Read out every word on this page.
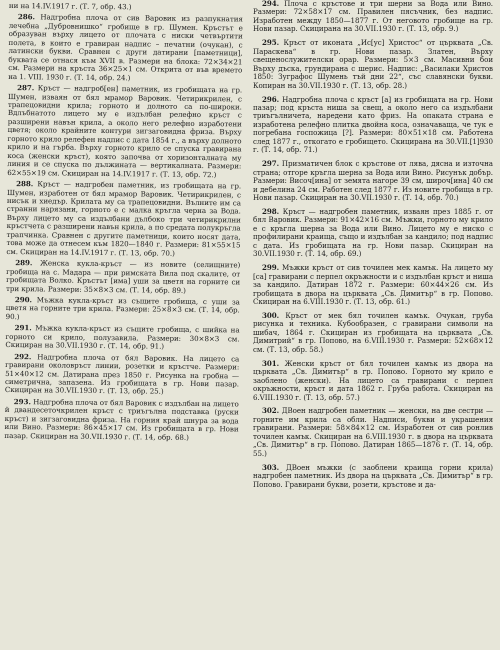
ни на 14.IV.1917 г. (Т. 7, обр. 43.)

286. Надгробна плоча от сив Варовик из разпукнатия лечебна „Дубровнишко“ гробище в гр. Шумен. Кръстът е образуван върху лицето от плочата с ниски четвъртити полета, в които е гравиран надпис – печатни (очукан), с латински букви. Сравнен с други датирани [паметници], буквата се отнася към XVII в. Размери на блока: 72×34×21 см. Размери на кръста 36×25×1 см. Открита от във времето на 1. VIII. 1930 г. (Т. 14, обр. 24.)

287. Кръст — надгроб[ен] паметник, из гробищата на гр. Шумен, изваян от бял мрамор Варовик. Четирикрилен, с трапецовидни крила; горното и долното са по-широки. Вдлъбнатото лицето му е издълбан релефно кръст с разширени навън крила, а около него релефно изработени цветя; около крайните контури зигзаговидна фриза. Върху горното крило релефен надпис с дата 1854 г., а върху долното крило и на гърба. Върху горното крило се спуска гравирана коса (женски кръст), която започва от хоризонталната му линия и се спуска по дължината — вертикалната. Размери: 62×55×19 см. Скициран на 14.IV.1917 г. (Т. 13, обр. 72.)

288. Кръст — надгробен паметник, из гробищата на гр. Шумен, изработен от бял мрамор Варовик. Четирикрилен, с нисък и хиедър. Крилата му са трапецовидни. Вълните им са странни нарязани, горното е с малка кръгла черна за Вода. Върху лицето му са издълбани дълбоко три четирикрилни кръстчета с разширени навън крила, а по средата полукръгла трапчинка. Сравнен с другите паметници, които носят дата, това може да отнесем към 1820—1840 г. Размери: 81×55×15 см. Скициран на 14.IV.1917 г. (Т. 13, обр. 70.)

289. Женска кукла-кръст — из новите (селищните) гробища на с. Мадара — при римската Вила под скалите, от гробищата Волко. Кръстът [има] уши за цветя на горните си три крила. Размери: 35×8×3 см. (Т. 14, обр. 89.)

290. Мъжка кукла-кръст из същите гробища, с уши за цветя на горните три крила. Размери: 25×8×3 см. (Т. 14, обр. 90.)

291. Мъжка кукла-кръст из същите гробища, с шийка на горното си крило, полузавила. Размери: 30×8×3 см. Скициран на 30.VII.1930 г. (Т. 14, обр. 91.)

292. Надгробна плоча от бял Варовик. На лицето са гравирани околовръст линии, розетки и кръстче. Размери: 51×40×12 см. Датирана през 1850 г. Рисунка на гробна — симетрична, запазена. Из гробищата в гр. Нови пазар. Скициран на 30.VII.1930 г. (Т. 13, обр. 25.)

293. Надгробна плоча от бял Варовик с издълбан на лицето й двандесеточкрилен кръст с триъгълна подставка (руски кръст) и зигзаговидна фриза. На горния край шнура за вода или Вино. Размери: 86×45×17 см. Из гробищата в гр. Нови пазар. Скициран на 30.VII.1930 г. (Т. 14, обр. 68.)

294. Плоча с кръстове и три шерни за Вода или Вино. Размери: 72×58×17 см. Правилен пясъчник, без надпис. Изработен между 1850—1877 г. От неговото гробище на гр. Нови пазар. Скицирана на 30.VII.1930 г. (Т. 13, обр. 9.)

295. Кръст от иконата „Ис[ус] Христос“ от църквата „Св. Параскева“ в гр. Нови пазар. Златен, Върху свещенослужителски орар. Размери: 5×3 см. Масивни бои Върху дъска, грундирана с шерис. Надпис: „Василаки Христов 1850: Зуграфос Шумень тъй дни 22“, със славянски букви. Копиран на 30.VII.1930 г. (Т. 13, обр. 28.)

296. Надгробна плоча с кръст [а] из гробищата на гр. Нови пазар; под кръста ниша за свещ, а около него са издълбани триъгълничета, наредени като фриз. На опаката страна е изработена релефно плитка двойна коса, означаваща, че тук е погребана госпожица [?]. Размери: 80×51×18 см. Работена след 1877 г., откогато е гробището. Скицирана на 30.VII.[1]930 г. (Т. 14, обр. 71.)

297. Призматичен блок с кръстове от лява, дясна и източна страна; отгоре кръгла шерна за Вода или Вино. Рисунък добър. Размери: Височ[ина] от земята нагоре 39 см, широч[ина] 40 см и дебелина 24 см. Работен след 1877 г. Из новите гробища в гр. Нови пазар. Скициран на 30.VII.1930 г. (Т. 14, обр. 70.)

298. Кръст — надгробен паметник, изваян през 1885 г. от бял Варовик. Размери: 91×42×16 см. Мъжки, горното му крило е с кръгла шерна за Вода или Вино. Лицето му е ниско с профилирани краища, също и издълбан за кандило; под надпис с дата. Из гробищата на гр. Нови пазар. Скициран на 30.VII.1930 г. (Т. 14, обр. 69.)

299. Мъжки кръст от сив точилен мек камък. На лицето му [са] гравирани с перпел окръжности и с издълбан кръст и ниша за кандило. Датиран 1872 г. Размери: 60×44×26 см. Из гробищата в двора на църквата „Св. Димитър“ в гр. Попово. Скициран на 6.VIII.1930 г. (Т. 13, обр. 61.)

300. Кръст от мек бял точилен камък. Очукан, груба рисунка и техника. Кубообразен, с гравирани символи на шибач, 1864 г. Скициран из гробищата на църквата „Св. Димитрий“ в гр. Попово, на 6.VIII.1930 г. Размери: 52×68×12 см. (Т. 13, обр. 58.)

301. Женски кръст от бял точилен камък из двора на църквата „Св. Димитър“ в гр. Попово. Горното му крило е заоблено (женски). На лицето са гравирани с перпел окръжности, кръст и дата 1862 г. Груба работа. Скициран на 6.VIII.1930 г. (Т. 13, обр. 57.)

302. ДВоен надгробен паметник — женски, на две сестри — горните им крила са обли. Надписи, букви и украшения гравирани. Размери: 58×84×12 см. Изработен от сив ронлив точилен камък. Скициран на 6.VIII.1930 г. в двора на църквата „Св. Димитър“ в гр. Попово. Датиран 1865—1876 г. (Т. 14, обр. 55.)

303. ДВоен мъжки (с заоблени краища горни крила) надгробен паметник. Из двора на църквата „Св. Димитър“ в гр. Попово. Гравирани букви, розети, кръстове и да-
